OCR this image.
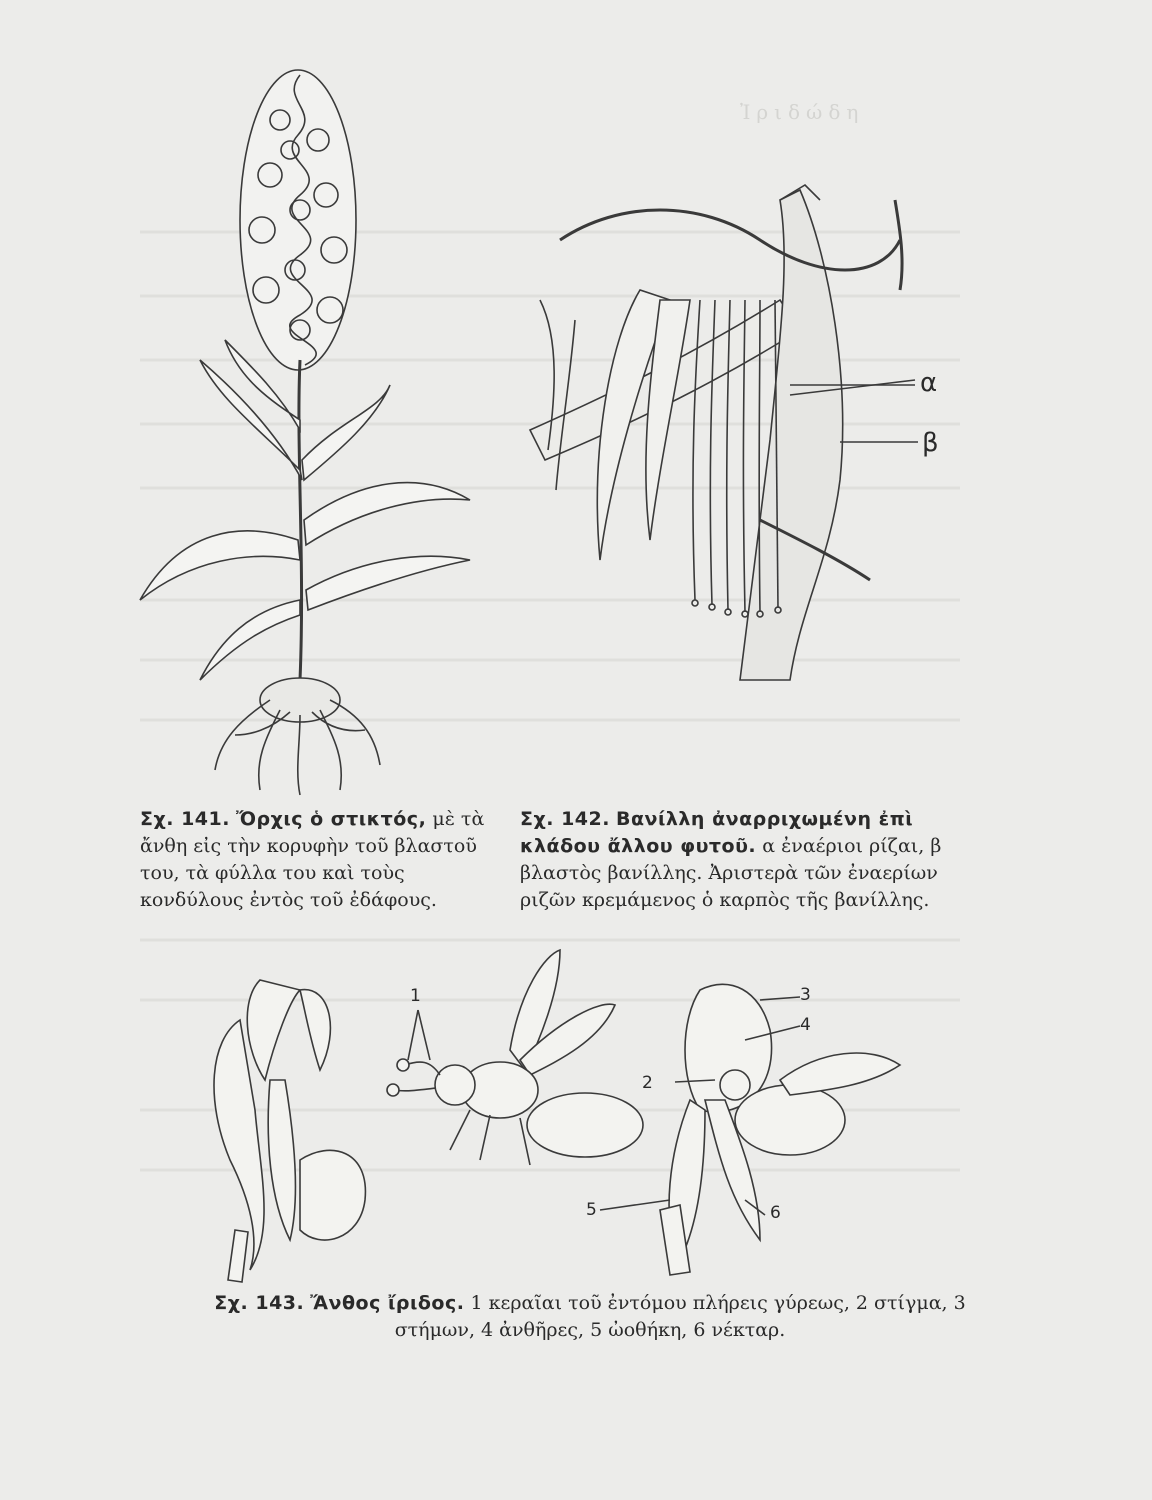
Ἰριδώδη
α
β
1
2
3
4
5	6
Σχ. 141. Ὄρχις ὁ στικτός, μὲ τὰ ἄνθη εἰς τὴν κορυφὴν τοῦ βλαστοῦ του, τὰ φύλλα του καὶ τοὺς κονδύλους ἐντὸς τοῦ ἐδάφους.
Σχ. 142. Βανίλλη ἀναρριχωμένη ἐπὶ κλάδου ἄλλου φυτοῦ. α ἐναέριοι ρίζαι, β βλαστὸς βανίλλης. Ἀριστερὰ τῶν ἐναερίων ριζῶν κρεμάμενος ὁ καρπὸς τῆς βανίλλης.
Σχ. 143. Ἄνθος ἴριδος. 1 κεραῖαι τοῦ ἐντόμου πλήρεις γύρεως, 2 στίγμα, 3 στήμων, 4 ἀνθῆρες, 5 ὠοθήκη, 6 νέκταρ.
